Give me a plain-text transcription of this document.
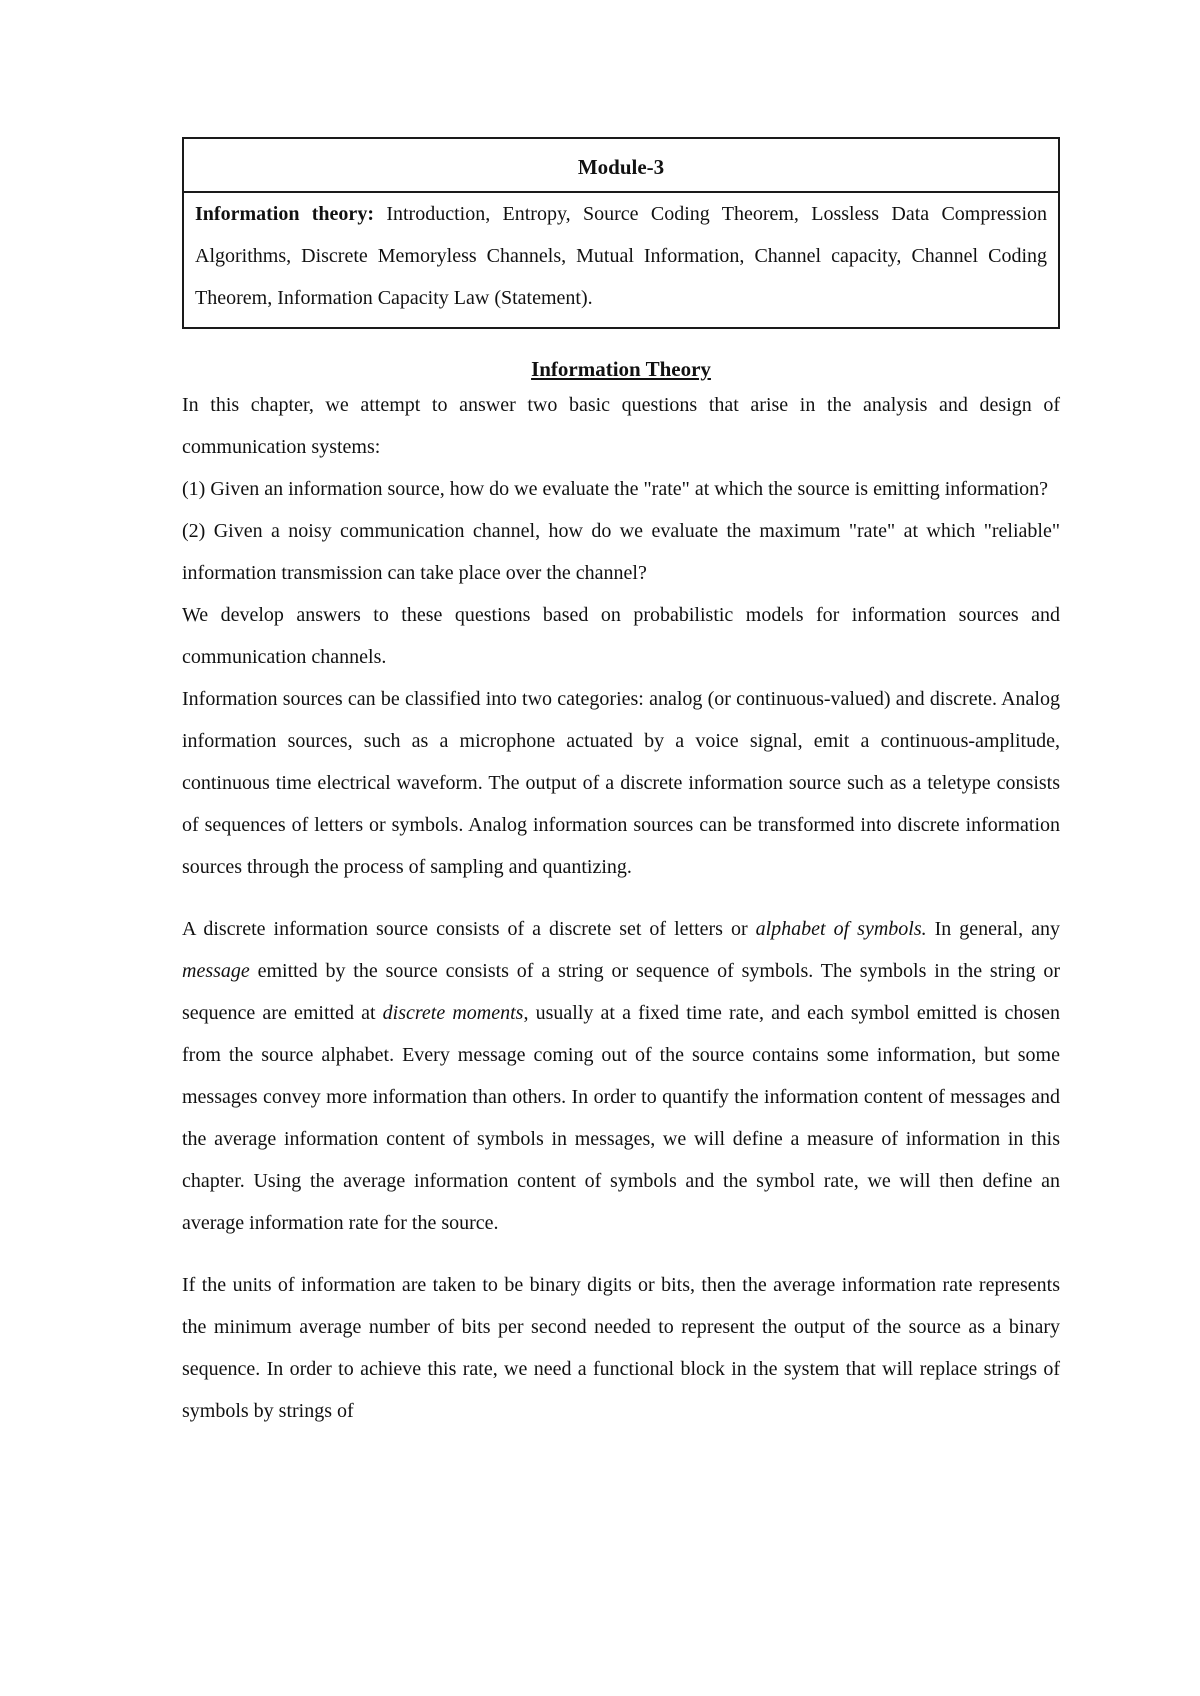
Module-3
Information theory: Introduction, Entropy, Source Coding Theorem, Lossless Data Compression Algorithms, Discrete Memoryless Channels, Mutual Information, Channel capacity, Channel Coding Theorem, Information Capacity Law (Statement).
Information Theory

In this chapter, we attempt to answer two basic questions that arise in the analysis and design of communication systems:

(1) Given an information source, how do we evaluate the "rate" at which the source is emitting information?

(2) Given a noisy communication channel, how do we evaluate the maximum "rate" at which "reliable" information transmission can take place over the channel?

We develop answers to these questions based on probabilistic models for information sources and communication channels.

Information sources can be classified into two categories: analog (or continuous-valued) and discrete. Analog information sources, such as a microphone actuated by a voice signal, emit a continuous-amplitude, continuous time electrical waveform. The output of a discrete information source such as a teletype consists of sequences of letters or symbols. Analog information sources can be transformed into discrete information sources through the process of sampling and quantizing.

A discrete information source consists of a discrete set of letters or alphabet of symbols. In general, any message emitted by the source consists of a string or sequence of symbols. The symbols in the string or sequence are emitted at discrete moments, usually at a fixed time rate, and each symbol emitted is chosen from the source alphabet. Every message coming out of the source contains some information, but some messages convey more information than others. In order to quantify the information content of messages and the average information content of symbols in messages, we will define a measure of information in this chapter. Using the average information content of symbols and the symbol rate, we will then define an average information rate for the source.

If the units of information are taken to be binary digits or bits, then the average information rate represents the minimum average number of bits per second needed to represent the output of the source as a binary sequence. In order to achieve this rate, we need a functional block in the system that will replace strings of symbols by strings of
